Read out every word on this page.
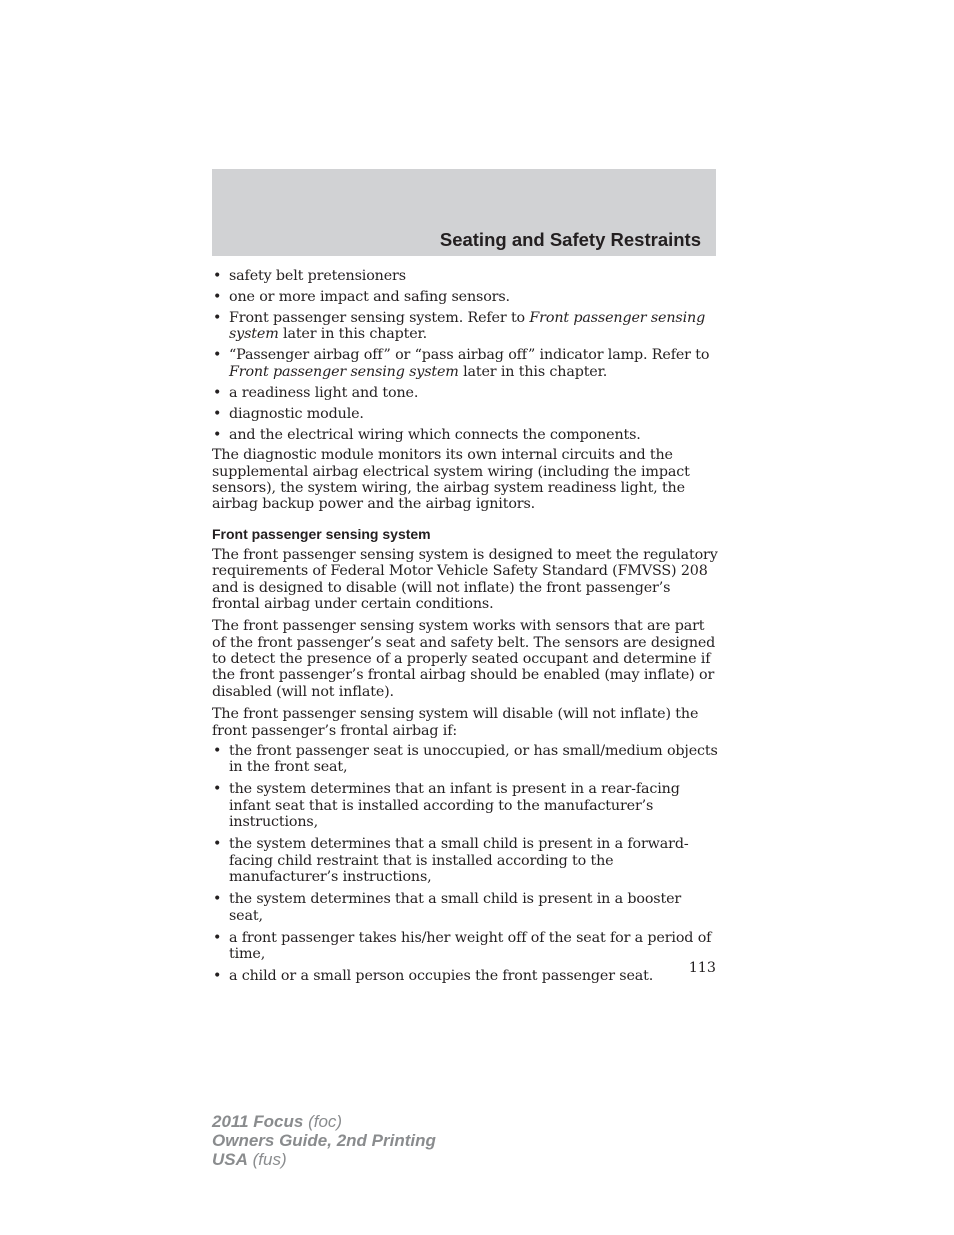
Seating and Safety Restraints
• safety belt pretensioners
• one or more impact and safing sensors.
• Front passenger sensing system. Refer to Front passenger sensing system later in this chapter.
• “Passenger airbag off” or “pass airbag off” indicator lamp. Refer to Front passenger sensing system later in this chapter.
• a readiness light and tone.
• diagnostic module.
• and the electrical wiring which connects the components.

The diagnostic module monitors its own internal circuits and the supplemental airbag electrical system wiring (including the impact sensors), the system wiring, the airbag system readiness light, the airbag backup power and the airbag ignitors.

Front passenger sensing system

The front passenger sensing system is designed to meet the regulatory requirements of Federal Motor Vehicle Safety Standard (FMVSS) 208 and is designed to disable (will not inflate) the front passenger’s frontal airbag under certain conditions.

The front passenger sensing system works with sensors that are part of the front passenger’s seat and safety belt. The sensors are designed to detect the presence of a properly seated occupant and determine if the front passenger’s frontal airbag should be enabled (may inflate) or disabled (will not inflate).

The front passenger sensing system will disable (will not inflate) the front passenger’s frontal airbag if:

• the front passenger seat is unoccupied, or has small/medium objects in the front seat,
• the system determines that an infant is present in a rear-facing infant seat that is installed according to the manufacturer’s instructions,
• the system determines that a small child is present in a forward-facing child restraint that is installed according to the manufacturer’s instructions,
• the system determines that a small child is present in a booster seat,
• a front passenger takes his/her weight off of the seat for a period of time,
• a child or a small person occupies the front passenger seat.
113
2011 Focus (foc)
Owners Guide, 2nd Printing
USA (fus)
